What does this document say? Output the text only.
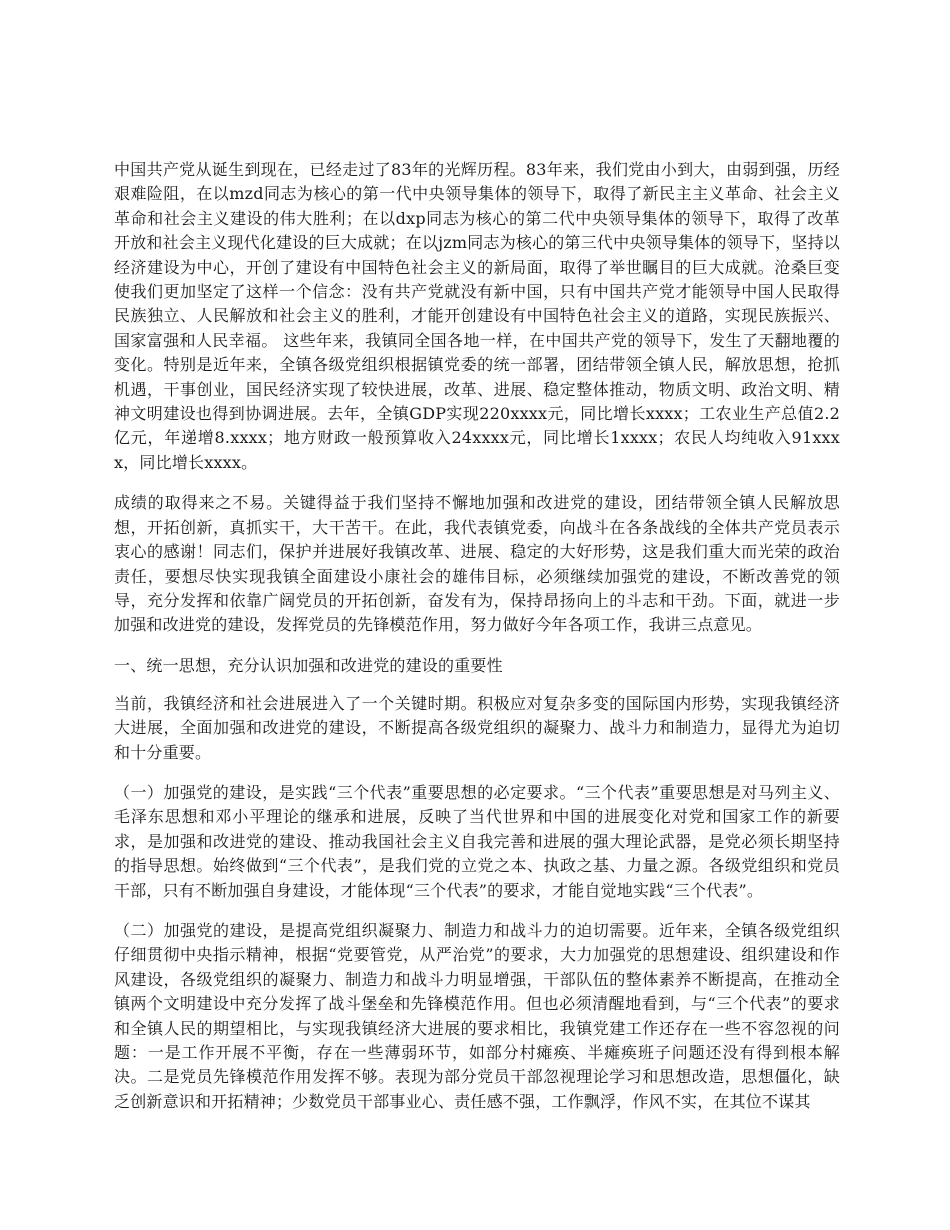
中国共产党从诞生到现在，已经走过了83年的光辉历程。83年来，我们党由小到大，由弱到强，历经艰难险阻，在以mzd同志为核心的第一代中央领导集体的领导下，取得了新民主主义革命、社会主义革命和社会主义建设的伟大胜利；在以dxp同志为核心的第二代中央领导集体的领导下，取得了改革开放和社会主义现代化建设的巨大成就；在以jzm同志为核心的第三代中央领导集体的领导下，坚持以经济建设为中心，开创了建设有中国特色社会主义的新局面，取得了举世瞩目的巨大成就。沧桑巨变使我们更加坚定了这样一个信念：没有共产党就没有新中国，只有中国共产党才能领导中国人民取得民族独立、人民解放和社会主义的胜利，才能开创建设有中国特色社会主义的道路，实现民族振兴、国家富强和人民幸福。 这些年来，我镇同全国各地一样，在中国共产党的领导下，发生了天翻地覆的变化。特别是近年来，全镇各级党组织根据镇党委的统一部署，团结带领全镇人民，解放思想，抢抓机遇，干事创业，国民经济实现了较快进展，改革、进展、稳定整体推动，物质文明、政治文明、精神文明建设也得到协调进展。去年，全镇GDP实现220xxxx元，同比增长xxxx；工农业生产总值2.2亿元，年递增8.xxxx；地方财政一般预算收入24xxxx元，同比增长1xxxx；农民人均纯收入91xxxx，同比增长xxxx。

成绩的取得来之不易。关键得益于我们坚持不懈地加强和改进党的建设，团结带领全镇人民解放思想，开拓创新，真抓实干，大干苦干。在此，我代表镇党委，向战斗在各条战线的全体共产党员表示衷心的感谢！同志们，保护并进展好我镇改革、进展、稳定的大好形势，这是我们重大而光荣的政治责任，要想尽快实现我镇全面建设小康社会的雄伟目标，必须继续加强党的建设，不断改善党的领导，充分发挥和依靠广阔党员的开拓创新，奋发有为，保持昂扬向上的斗志和干劲。下面，就进一步加强和改进党的建设，发挥党员的先锋模范作用，努力做好今年各项工作，我讲三点意见。

一、统一思想，充分认识加强和改进党的建设的重要性

当前，我镇经济和社会进展进入了一个关键时期。积极应对复杂多变的国际国内形势，实现我镇经济大进展，全面加强和改进党的建设，不断提高各级党组织的凝聚力、战斗力和制造力，显得尤为迫切和十分重要。

（一）加强党的建设，是实践“三个代表”重要思想的必定要求。“三个代表”重要思想是对马列主义、毛泽东思想和邓小平理论的继承和进展，反映了当代世界和中国的进展变化对党和国家工作的新要求，是加强和改进党的建设、推动我国社会主义自我完善和进展的强大理论武器，是党必须长期坚持的指导思想。始终做到“三个代表”，是我们党的立党之本、执政之基、力量之源。各级党组织和党员干部，只有不断加强自身建设，才能体现“三个代表”的要求，才能自觉地实践“三个代表”。

（二）加强党的建设，是提高党组织凝聚力、制造力和战斗力的迫切需要。近年来，全镇各级党组织仔细贯彻中央指示精神，根据“党要管党，从严治党”的要求，大力加强党的思想建设、组织建设和作风建设，各级党组织的凝聚力、制造力和战斗力明显增强，干部队伍的整体素养不断提高，在推动全镇两个文明建设中充分发挥了战斗堡垒和先锋模范作用。但也必须清醒地看到，与“三个代表”的要求和全镇人民的期望相比，与实现我镇经济大进展的要求相比，我镇党建工作还存在一些不容忽视的问题：一是工作开展不平衡，存在一些薄弱环节，如部分村瘫痪、半瘫痪班子问题还没有得到根本解决。二是党员先锋模范作用发挥不够。表现为部分党员干部忽视理论学习和思想改造，思想僵化，缺乏创新意识和开拓精神；少数党员干部事业心、责任感不强，工作飘浮，作风不实，在其位不谋其
